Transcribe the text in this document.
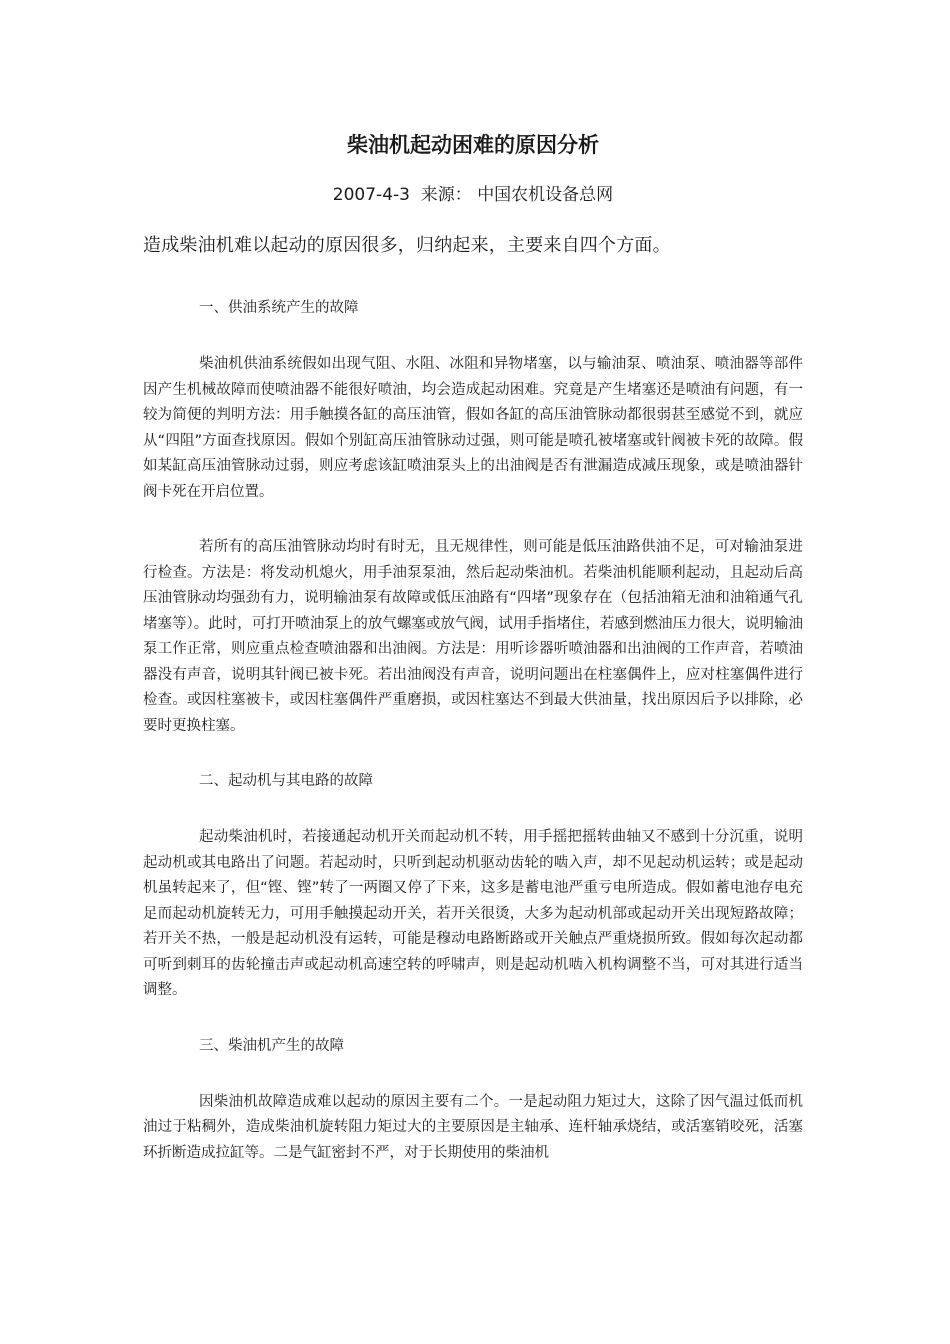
柴油机起动困难的原因分析
2007-4-3 来源： 中国农机设备总网

造成柴油机难以起动的原因很多，归纳起来，主要来自四个方面。

一、供油系统产生的故障

柴油机供油系统假如出现气阻、水阻、冰阻和异物堵塞，以与输油泵、喷油泵、喷油器等部件因产生机械故障而使喷油器不能很好喷油，均会造成起动困难。究竟是产生堵塞还是喷油有问题，有一较为简便的判明方法：用手触摸各缸的高压油管，假如各缸的高压油管脉动都很弱甚至感觉不到，就应从“四阻”方面查找原因。假如个别缸高压油管脉动过强，则可能是喷孔被堵塞或针阀被卡死的故障。假如某缸高压油管脉动过弱，则应考虑该缸喷油泵头上的出油阀是否有泄漏造成减压现象，或是喷油器针阀卡死在开启位置。

若所有的高压油管脉动均时有时无，且无规律性，则可能是低压油路供油不足，可对输油泵进行检查。方法是：将发动机熄火，用手油泵泵油，然后起动柴油机。若柴油机能顺利起动，且起动后高压油管脉动均强劲有力，说明输油泵有故障或低压油路有“四堵”现象存在（包括油箱无油和油箱通气孔堵塞等）。此时，可打开喷油泵上的放气螺塞或放气阀，试用手指堵住，若感到燃油压力很大，说明输油泵工作正常，则应重点检查喷油器和出油阀。方法是：用听诊器听喷油器和出油阀的工作声音，若喷油器没有声音，说明其针阀已被卡死。若出油阀没有声音，说明问题出在柱塞偶件上，应对柱塞偶件进行检查。或因柱塞被卡，或因柱塞偶件严重磨损，或因柱塞达不到最大供油量，找出原因后予以排除，必要时更换柱塞。

二、起动机与其电路的故障

起动柴油机时，若接通起动机开关而起动机不转，用手摇把摇转曲轴又不感到十分沉重，说明起动机或其电路出了问题。若起动时，只听到起动机驱动齿轮的啮入声，却不见起动机运转；或是起动机虽转起来了，但“铿、铿”转了一两圈又停了下来，这多是蓄电池严重亏电所造成。假如蓄电池存电充足而起动机旋转无力，可用手触摸起动开关，若开关很烫，大多为起动机部或起动开关出现短路故障；若开关不热，一般是起动机没有运转，可能是穆动电路断路或开关触点严重烧损所致。假如每次起动都可听到刺耳的齿轮撞击声或起动机高速空转的呼啸声，则是起动机啮入机构调整不当，可对其进行适当调整。

三、柴油机产生的故障

因柴油机故障造成难以起动的原因主要有二个。一是起动阻力矩过大，这除了因气温过低而机油过于粘稠外，造成柴油机旋转阻力矩过大的主要原因是主轴承、连杆轴承烧结，或活塞销咬死，活塞环折断造成拉缸等。二是气缸密封不严，对于长期使用的柴油机
